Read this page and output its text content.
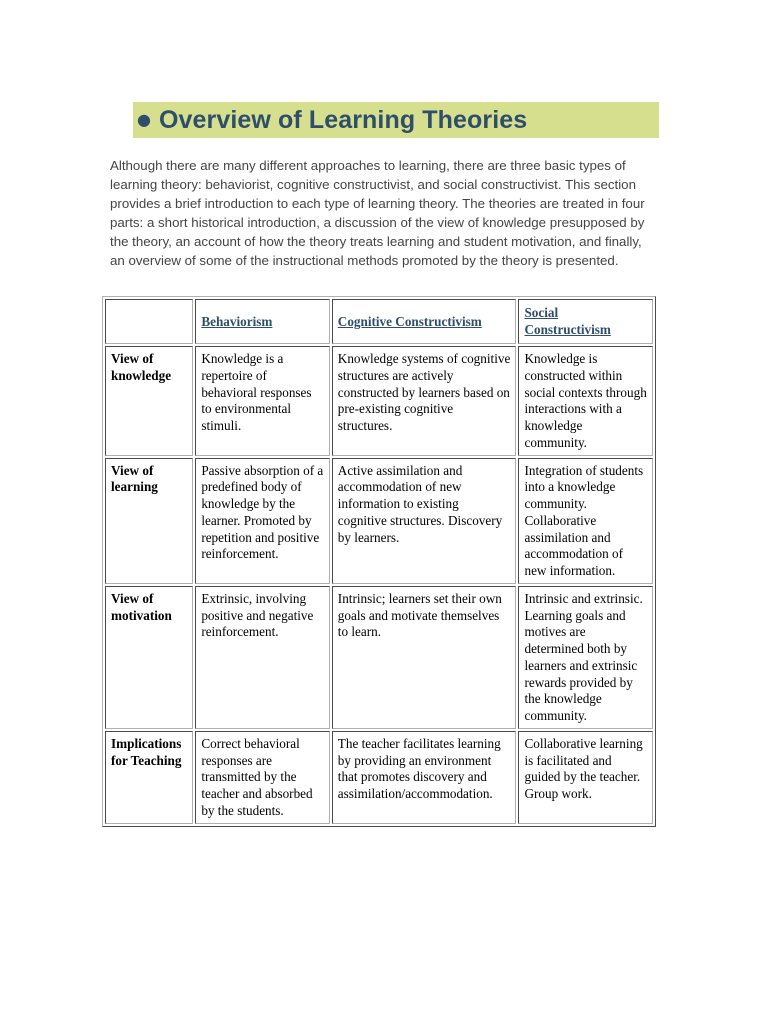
● Overview of Learning Theories

Although there are many different approaches to learning, there are three basic types of learning theory: behaviorist, cognitive constructivist, and social constructivist. This section provides a brief introduction to each type of learning theory. The theories are treated in four parts: a short historical introduction, a discussion of the view of knowledge presupposed by the theory, an account of how the theory treats learning and student motivation, and finally, an overview of some of the instructional methods promoted by the theory is presented.

	Behaviorism	Cognitive Constructivism	Social Constructivism
View of knowledge	Knowledge is a repertoire of behavioral responses to environmental stimuli.	Knowledge systems of cognitive structures are actively constructed by learners based on pre-existing cognitive structures.	Knowledge is constructed within social contexts through interactions with a knowledge community.
View of learning	Passive absorption of a predefined body of knowledge by the learner. Promoted by repetition and positive reinforcement.	Active assimilation and accommodation of new information to existing cognitive structures. Discovery by learners.	Integration of students into a knowledge community. Collaborative assimilation and accommodation of new information.
View of motivation	Extrinsic, involving positive and negative reinforcement.	Intrinsic; learners set their own goals and motivate themselves to learn.	Intrinsic and extrinsic. Learning goals and motives are determined both by learners and extrinsic rewards provided by the knowledge community.
Implications for Teaching	Correct behavioral responses are transmitted by the teacher and absorbed by the students.	The teacher facilitates learning by providing an environment that promotes discovery and assimilation/accommodation.	Collaborative learning is facilitated and guided by the teacher. Group work.
